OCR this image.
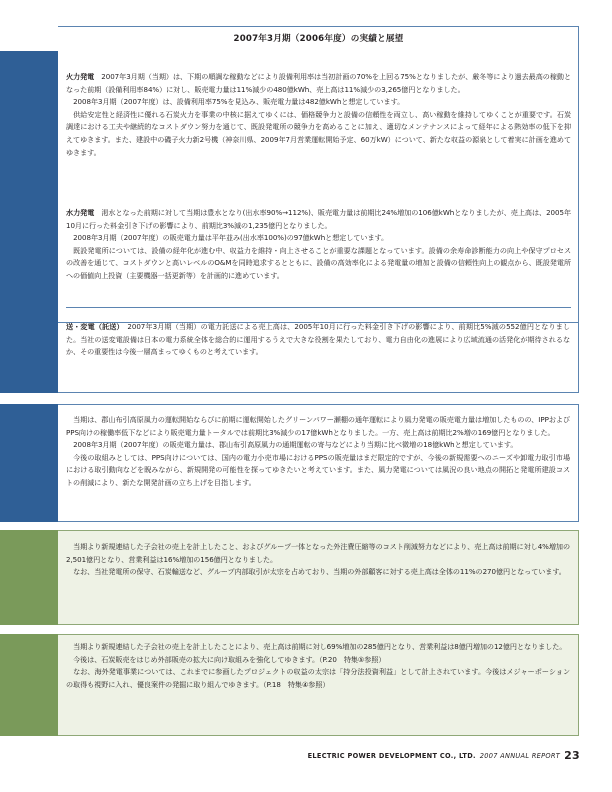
2007年3月期（2006年度）の実績と展望

火力発電　 2007年3月期（当期）は、下期の順調な稼動などにより設備利用率は当初計画の70%を上回る75%となりましたが、厳冬等により過去最高の稼動となった前期（設備利用率84%）に対し、販売電力量は11%減少の480億kWh、売上高は11%減少の3,265億円となりました。

2008年3月期（2007年度）は、設備利用率75%を見込み、販売電力量は482億kWhと想定しています。

供給安定性と経済性に優れる石炭火力を事業の中核に据えてゆくには、価格競争力と設備の信頼性を両立し、高い稼動を維持してゆくことが重要です。石炭調達における工夫や継続的なコストダウン努力を通じて、既設発電所の競争力を高めることに加え、適切なメンテナンスによって経年による熱効率の低下を抑えてゆきます。また、建設中の磯子火力新2号機（神奈川県、2009年7月営業運転開始予定、60万kW）について、新たな収益の源泉として着実に計画を進めてゆきます。

水力発電　 渇水となった前期に対して当期は豊水となり(出水率90%→112%)、販売電力量は前期比24%増加の106億kWhとなりましたが、売上高は、2005年10月に行った料金引き下げの影響により、前期比3%減の1,235億円となりました。

2008年3月期（2007年度）の販売電力量は平年並み(出水率100%)の97億kWhと想定しています。

既設発電所については、設備の経年化が進む中、収益力を維持・向上させることが重要な課題となっています。設備の余寿命診断能力の向上や保守プロセスの改善を通じて、コストダウンと高いレベルのO&Mを同時追求するとともに、設備の高効率化による発電量の増加と設備の信頼性向上の観点から、既設発電所への価値向上投資（主要機器一括更新等）を計画的に進めています。

送・変電（託送）　 2007年3月期（当期）の電力託送による売上高は、2005年10月に行った料金引き下げの影響により、前期比5%減の552億円となりました。当社の送変電設備は日本の電力系統全体を総合的に運用するうえで大きな役割を果たしており、電力自由化の進展により広域流通の活発化が期待されるなか、その重要性は今後一層高まってゆくものと考えています。

当期は、郡山布引高原風力の運転開始ならびに前期に運転開始したグリーンパワー瀬棚の通年運転により風力発電の販売電力量は増加したものの、IPPおよびPPS向けの稼働率低下などにより販売電力量トータルでは前期比3%減少の17億kWhとなりました。一方、売上高は前期比2%増の169億円となりました。

2008年3月期（2007年度）の販売電力量は、郡山布引高原風力の通期運転の寄与などにより当期に比べ微増の18億kWhと想定しています。

今後の取組みとしては、PPS向けについては、国内の電力小売市場におけるPPSの販売量はまだ限定的ですが、今後の新規需要へのニーズや卸電力取引市場における取引動向などを睨みながら、新規開発の可能性を探ってゆきたいと考えています。また、風力発電については風況の良い地点の開拓と発電所建設コストの削減により、新たな開発計画の立ち上げを目指します。

当期より新規連結した子会社の売上を計上したこと、およびグループ一体となった外注費圧縮等のコスト削減努力などにより、売上高は前期に対し4%増加の2,501億円となり、営業利益は16%増加の156億円となりました。

なお、当社発電所の保守、石炭輸送など、グループ内部取引が太宗を占めており、当期の外部顧客に対する売上高は全体の11%の270億円となっています。

当期より新規連結した子会社の売上を計上したことにより、売上高は前期に対し69%増加の285億円となり、営業利益は8億円増加の12億円となりました。

今後は、石炭販売をはじめ外部販売の拡大に向け取組みを強化してゆきます。（P.20　特集⑤参照）

なお、海外発電事業については、これまでに参画したプロジェクトの収益の太宗は「持分法投資利益」として計上されています。今後はメジャーポーションの取得も視野に入れ、優良案件の発掘に取り組んでゆきます。（P.18　特集④参照）

ELECTRIC POWER DEVELOPMENT CO., LTD. 2007 ANNUAL REPORT 23
